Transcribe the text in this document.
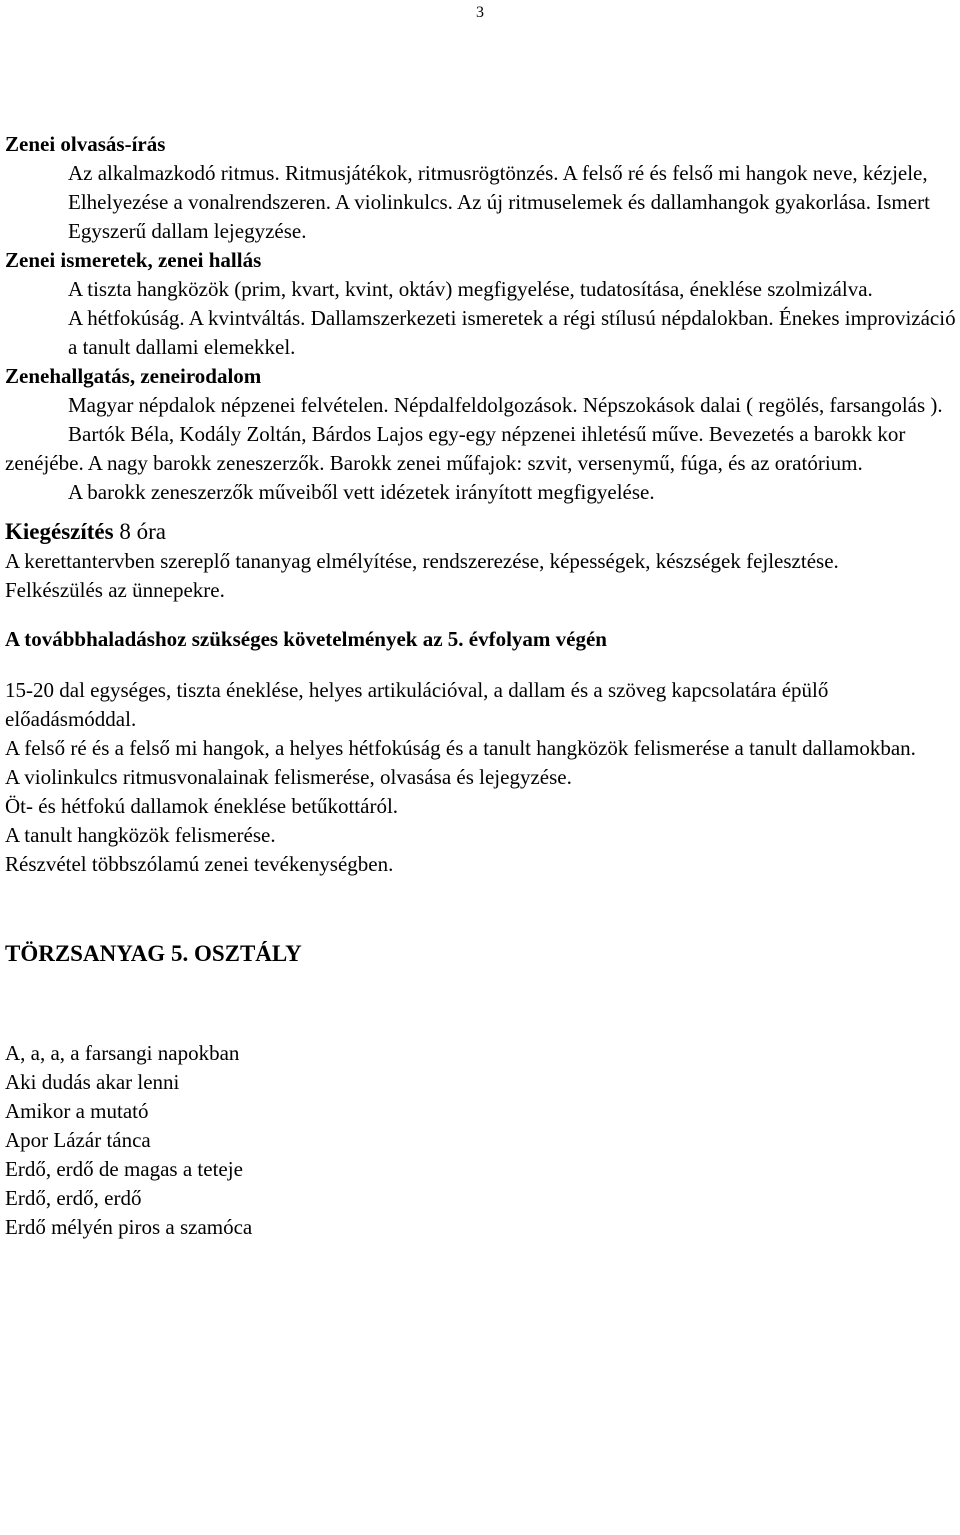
3

Zenei olvasás-írás

Az alkalmazkodó ritmus. Ritmusjátékok, ritmusrögtönzés. A felső ré és felső mi hangok neve, kézjele,

Elhelyezése a vonalrendszeren. A violinkulcs. Az új ritmuselemek és dallamhangok gyakorlása. Ismert

Egyszerű dallam lejegyzése.

Zenei ismeretek, zenei hallás

A tiszta hangközök (prim, kvart, kvint, oktáv) megfigyelése, tudatosítása, éneklése szolmizálva.

A hétfokúság. A kvintváltás. Dallamszerkezeti ismeretek a régi stílusú népdalokban. Énekes improvizáció

a tanult dallami elemekkel.

Zenehallgatás, zeneirodalom

Magyar népdalok népzenei felvételen. Népdalfeldolgozások. Népszokások dalai ( regölés, farsangolás ).

Bartók Béla, Kodály Zoltán, Bárdos Lajos egy-egy népzenei ihletésű műve. Bevezetés a barokk kor zenéjébe. A nagy barokk zeneszerzők. Barokk zenei műfajok: szvit, versenymű, fúga, és az oratórium.

A barokk zeneszerzők műveiből vett idézetek irányított megfigyelése.

Kiegészítés 8 óra

A kerettantervben szereplő tananyag elmélyítése, rendszerezése, képességek, készségek fejlesztése.

Felkészülés az ünnepekre.

A továbbhaladáshoz szükséges követelmények az 5. évfolyam végén

15-20 dal egységes, tiszta éneklése, helyes artikulációval, a dallam és a szöveg kapcsolatára épülő előadásmóddal.

A felső ré és a felső mi hangok, a helyes hétfokúság és a tanult hangközök felismerése a tanult dallamokban.

A violinkulcs ritmusvonalainak felismerése, olvasása és lejegyzése.

Öt- és hétfokú dallamok éneklése betűkottáról.

A tanult hangközök felismerése.

Részvétel többszólamú zenei tevékenységben.

TÖRZSANYAG 5. OSZTÁLY

A, a, a, a farsangi napokban

Aki dudás akar lenni

Amikor a mutató

Apor Lázár tánca

Erdő, erdő de magas a teteje

Erdő, erdő, erdő

Erdő mélyén piros a szamóca
